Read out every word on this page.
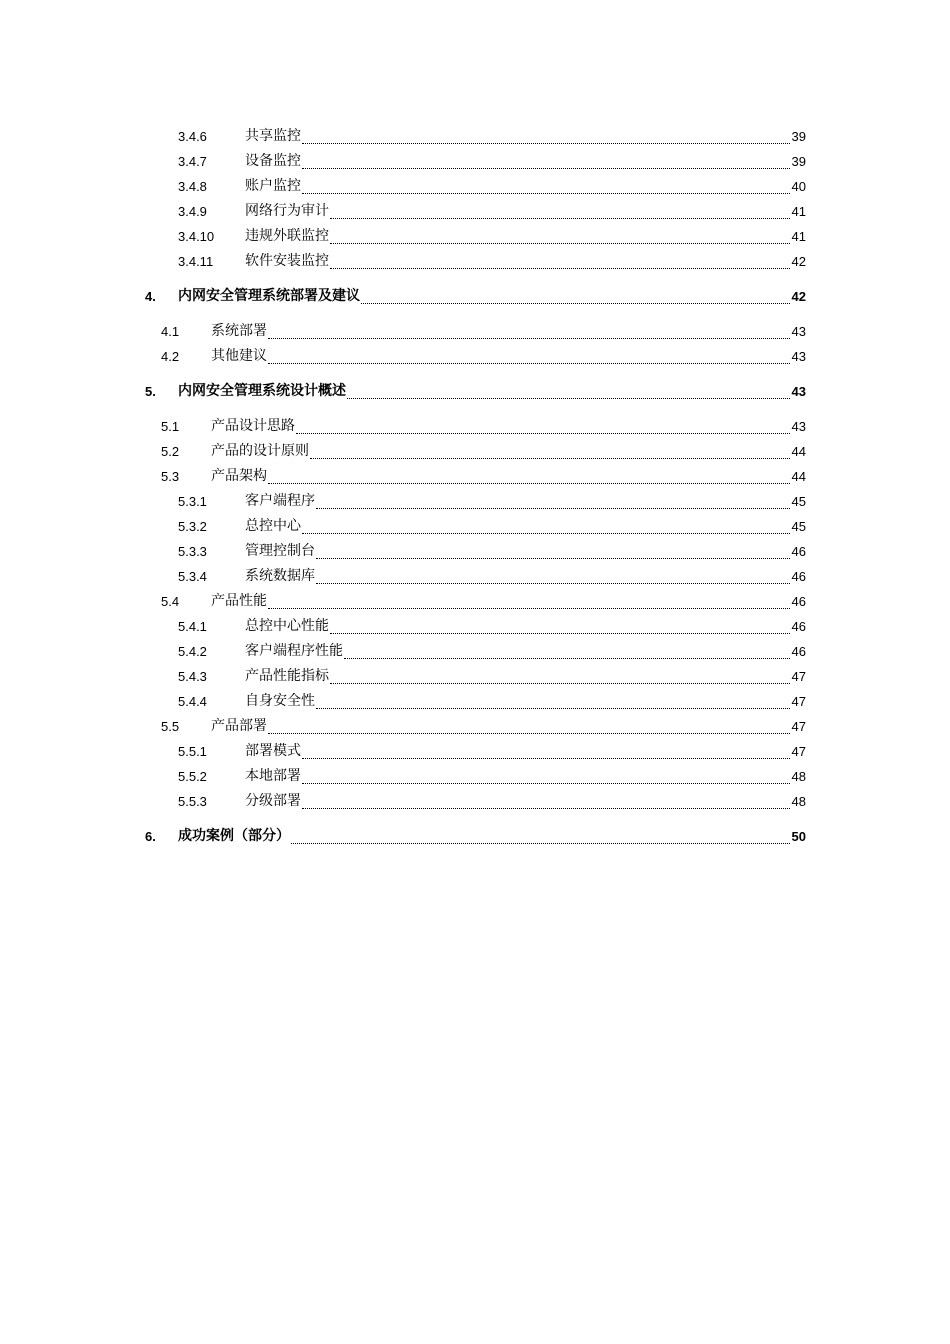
3.4.6	共享监控	39
3.4.7	设备监控	39
3.4.8	账户监控	40
3.4.9	网络行为审计	41
3.4.10 违规外联监控	41
3.4.11 软件安装监控	42
4. 内网安全管理系统部署及建议	42
4.1 系统部署	43
4.2 其他建议	43
5. 内网安全管理系统设计概述	43
5.1 产品设计思路	43
5.2 产品的设计原则	44
5.3 产品架构	44
5.3.1	客户端程序	45
5.3.2	总控中心	45
5.3.3	管理控制台	46
5.3.4	系统数据库	46
5.4 产品性能	46
5.4.1	总控中心性能	46
5.4.2	客户端程序性能	46
5.4.3	产品性能指标	47
5.4.4	自身安全性	47
5.5 产品部署	47
5.5.1	部署模式	47
5.5.2	本地部署	48
5.5.3	分级部署	48
6. 成功案例（部分）	50
